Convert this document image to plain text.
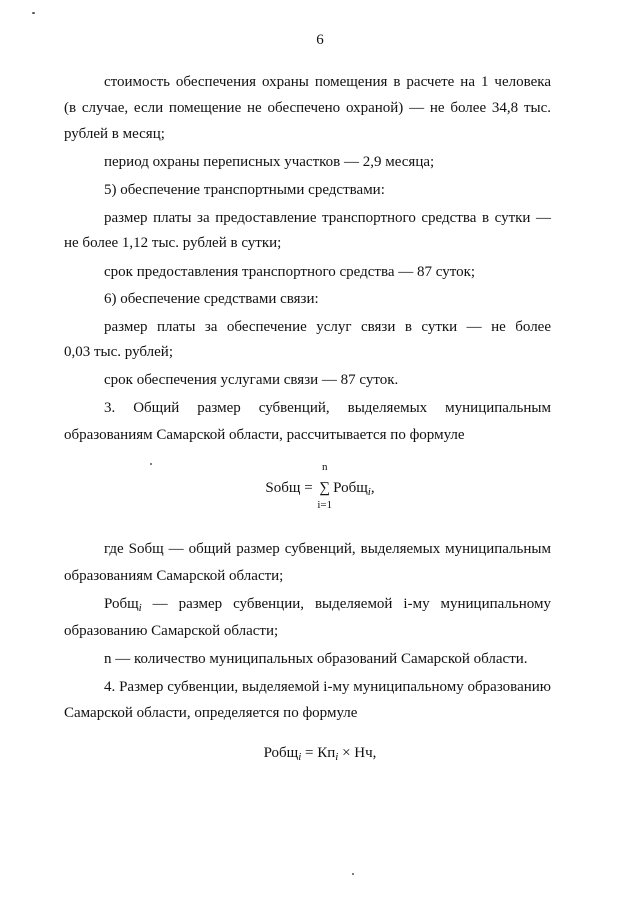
6
стоимость обеспечения охраны помещения в расчете на 1 человека
(в случае, если помещение не обеспечено охраной) — не более 34,8 тыс.
рублей в месяц;
период охраны переписных участков — 2,9 месяца;
5) обеспечение транспортными средствами:
размер платы за предоставление транспортного средства в сутки —
не более 1,12 тыс. рублей в сутки;
срок предоставления транспортного средства — 87 суток;
6) обеспечение средствами связи:
размер платы за обеспечение услуг связи в сутки — не более
0,03 тыс. рублей;
срок обеспечения услугами связи — 87 суток.
3. Общий размер субвенций, выделяемых муниципальным
образованиям Самарской области, рассчитывается по формуле
Sобщ =
n
∑
i=1
Робщ$_i$,
где Sобщ — общий размер субвенций, выделяемых муниципальным
образованиям Самарской области;
Робщ$_i$ — размер субвенции, выделяемой i-му муниципальному
образованию Самарской области;
n — количество муниципальных образований Самарской области.
4. Размер субвенции, выделяемой i-му муниципальному образованию
Самарской области, определяется по формуле
Робщ$_i$ = $Кп_i$ × Нч,
